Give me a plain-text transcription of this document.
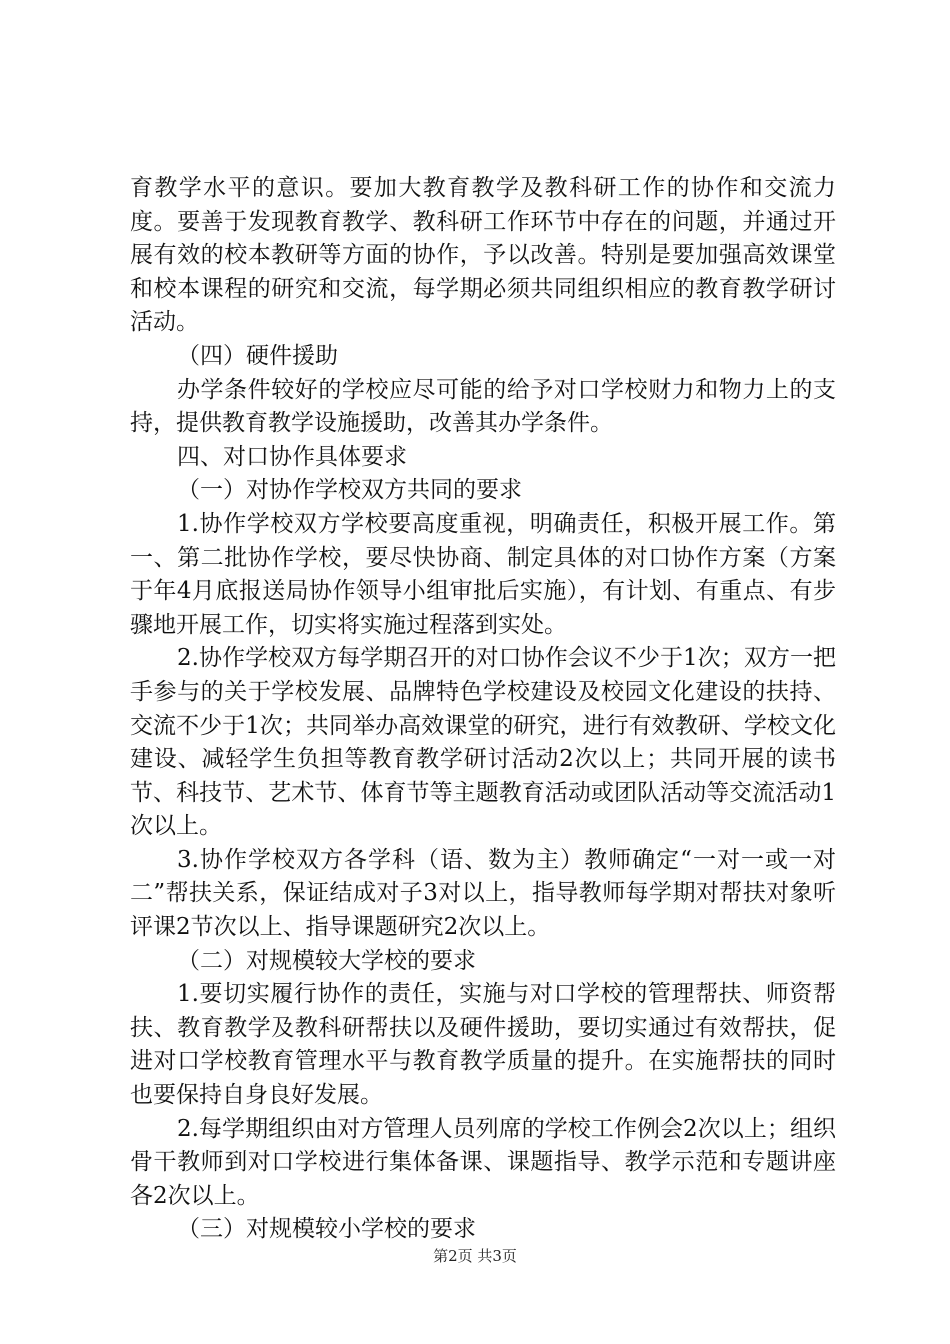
育教学水平的意识。要加大教育教学及教科研工作的协作和交流力度。要善于发现教育教学、教科研工作环节中存在的问题，并通过开展有效的校本教研等方面的协作，予以改善。特别是要加强高效课堂和校本课程的研究和交流，每学期必须共同组织相应的教育教学研讨活动。

（四）硬件援助

办学条件较好的学校应尽可能的给予对口学校财力和物力上的支持，提供教育教学设施援助，改善其办学条件。

四、对口协作具体要求

（一）对协作学校双方共同的要求

1.协作学校双方学校要高度重视，明确责任，积极开展工作。第一、第二批协作学校，要尽快协商、制定具体的对口协作方案（方案于年4月底报送局协作领导小组审批后实施），有计划、有重点、有步骤地开展工作，切实将实施过程落到实处。

2.协作学校双方每学期召开的对口协作会议不少于1次；双方一把手参与的关于学校发展、品牌特色学校建设及校园文化建设的扶持、交流不少于1次；共同举办高效课堂的研究，进行有效教研、学校文化建设、减轻学生负担等教育教学研讨活动2次以上；共同开展的读书节、科技节、艺术节、体育节等主题教育活动或团队活动等交流活动1次以上。

3.协作学校双方各学科（语、数为主）教师确定“一对一或一对二”帮扶关系，保证结成对子3对以上，指导教师每学期对帮扶对象听评课2节次以上、指导课题研究2次以上。

（二）对规模较大学校的要求

1.要切实履行协作的责任，实施与对口学校的管理帮扶、师资帮扶、教育教学及教科研帮扶以及硬件援助，要切实通过有效帮扶，促进对口学校教育管理水平与教育教学质量的提升。在实施帮扶的同时也要保持自身良好发展。

2.每学期组织由对方管理人员列席的学校工作例会2次以上；组织骨干教师到对口学校进行集体备课、课题指导、教学示范和专题讲座各2次以上。

（三）对规模较小学校的要求

第2页 共3页
